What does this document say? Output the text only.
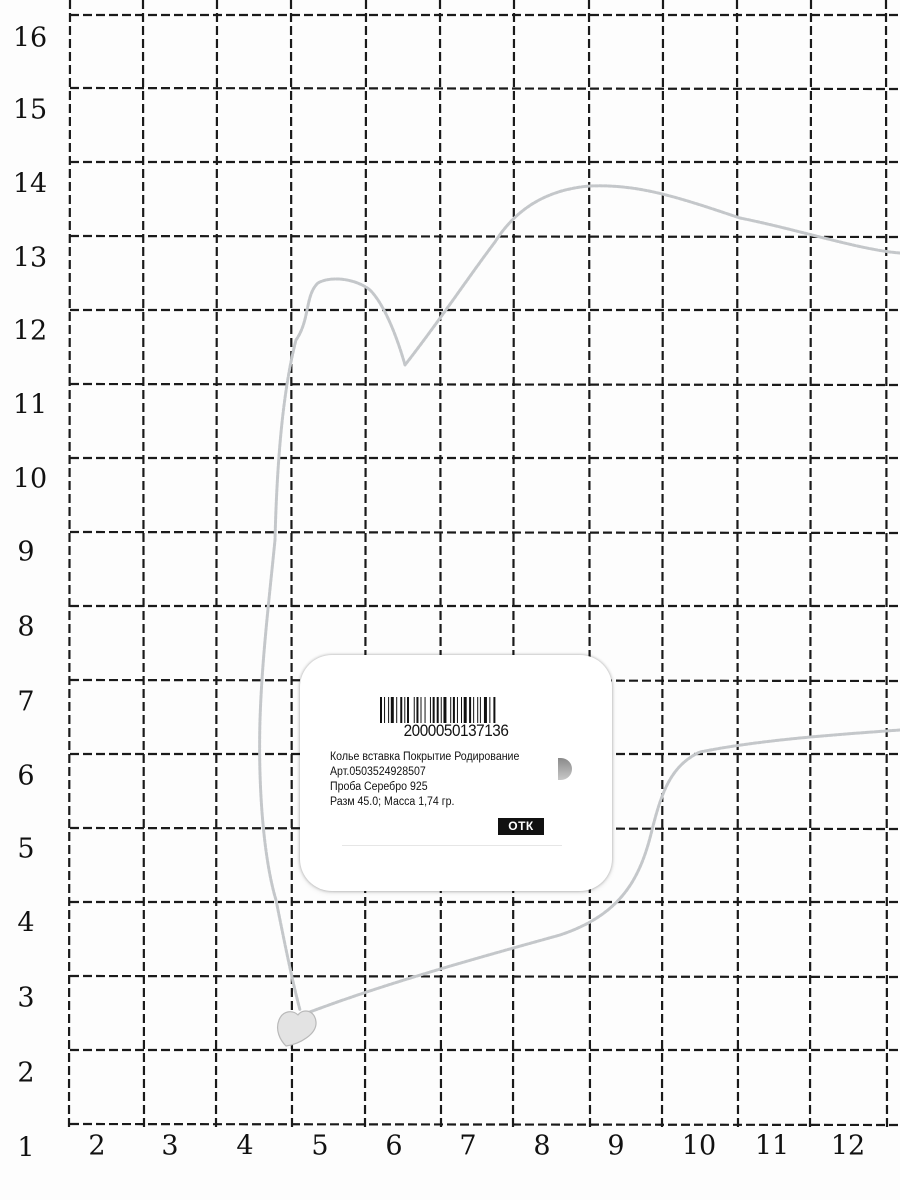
16
15
14
13
12
11
10
9
8
7
6
5
4
3
2
1 2 3 4 5 6 7 8 9 10 11 12
2000050137136
Колье вставка Покрытие Родирование
Арт.0503524928507
Проба Серебро 925
Разм 45.0; Масса 1,74 гр.
ОТК
